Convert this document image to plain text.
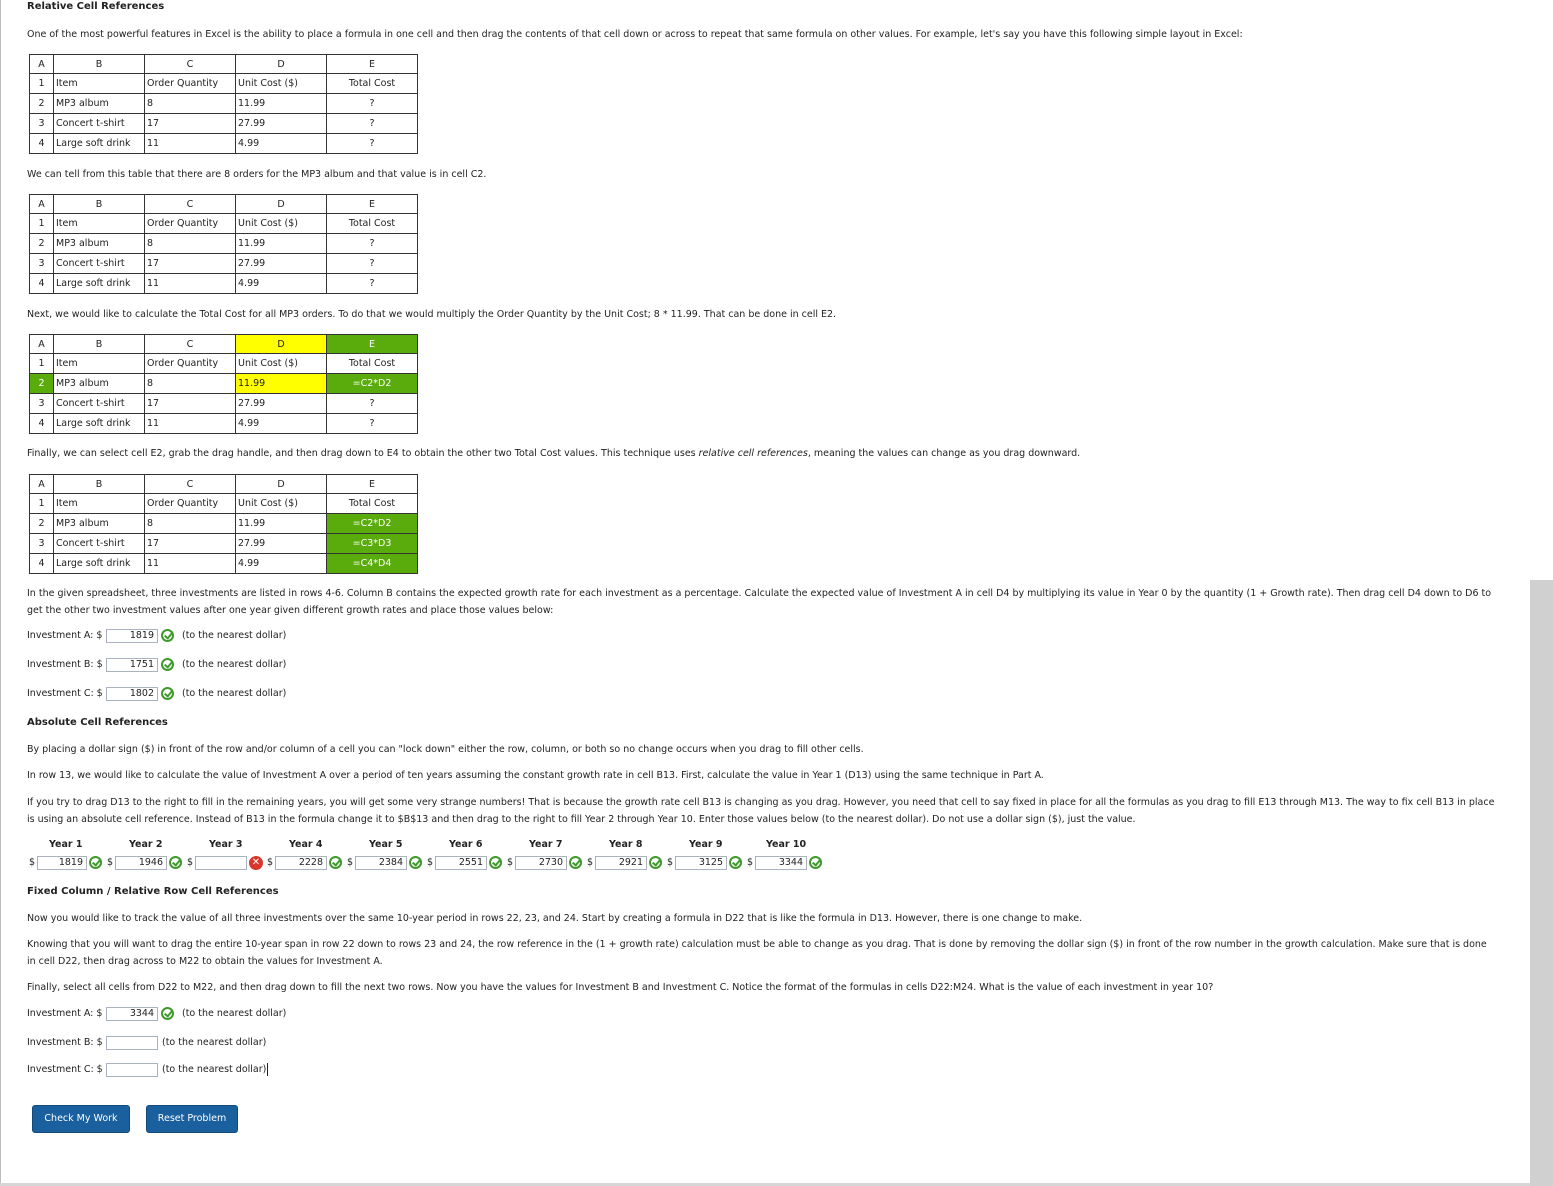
Relative Cell References
One of the most powerful features in Excel is the ability to place a formula in one cell and then drag the contents of that cell down or across to repeat that same formula on other values. For example, let's say you have this following simple layout in Excel:
A	B	C	D	E
1	Item	Order Quantity	Unit Cost ($)	Total Cost
2	MP3 album	8	11.99	?
3	Concert t-shirt	17	27.99	?
4	Large soft drink	11	4.99	?
We can tell from this table that there are 8 orders for the MP3 album and that value is in cell C2.
A	B	C	D	E
1	Item	Order Quantity	Unit Cost ($)	Total Cost
2	MP3 album	8	11.99	?
3	Concert t-shirt	17	27.99	?
4	Large soft drink	11	4.99	?
Next, we would like to calculate the Total Cost for all MP3 orders. To do that we would multiply the Order Quantity by the Unit Cost; 8 * 11.99. That can be done in cell E2.
A	B	C	D	E
1	Item	Order Quantity	Unit Cost ($)	Total Cost
2	MP3 album	8	11.99	=C2*D2
3	Concert t-shirt	17	27.99	?
4	Large soft drink	11	4.99	?
Finally, we can select cell E2, grab the drag handle, and then drag down to E4 to obtain the other two Total Cost values. This technique uses relative cell references, meaning the values can change as you drag downward.
A	B	C	D	E
1	Item	Order Quantity	Unit Cost ($)	Total Cost
2	MP3 album	8	11.99	=C2*D2
3	Concert t-shirt	17	27.99	=C3*D3
4	Large soft drink	11	4.99	=C4*D4
In the given spreadsheet, three investments are listed in rows 4-6. Column B contains the expected growth rate for each investment as a percentage. Calculate the expected value of Investment A in cell D4 by multiplying its value in Year 0 by the quantity (1 + Growth rate). Then drag cell D4 down to D6 to
get the other two investment values after one year given different growth rates and place those values below:
Investment A: $	1819	(to the nearest dollar)
Investment B: $	1751	(to the nearest dollar)
Investment C: $	1802	(to the nearest dollar)
Absolute Cell References
By placing a dollar sign ($) in front of the row and/or column of a cell you can "lock down" either the row, column, or both so no change occurs when you drag to fill other cells.
In row 13, we would like to calculate the value of Investment A over a period of ten years assuming the constant growth rate in cell B13. First, calculate the value in Year 1 (D13) using the same technique in Part A.
If you try to drag D13 to the right to fill in the remaining years, you will get some very strange numbers! That is because the growth rate cell B13 is changing as you drag. However, you need that cell to say fixed in place for all the formulas as you drag to fill E13 through M13. The way to fix cell B13 in place
is using an absolute cell reference. Instead of B13 in the formula change it to $B$13 and then drag to the right to fill Year 2 through Year 10. Enter those values below (to the nearest dollar). Do not use a dollar sign ($), just the value.
Year 1	Year 2	Year 3	Year 4	Year 5	Year 6	Year 7	Year 8	Year 9	Year 10
$	1819	$	1946	$	✕ $	2228	$	2384	$	2551	$	2730	$	2921	$	3125	$	3344
Fixed Column / Relative Row Cell References
Now you would like to track the value of all three investments over the same 10-year period in rows 22, 23, and 24. Start by creating a formula in D22 that is like the formula in D13. However, there is one change to make.
Knowing that you will want to drag the entire 10-year span in row 22 down to rows 23 and 24, the row reference in the (1 + growth rate) calculation must be able to change as you drag. That is done by removing the dollar sign ($) in front of the row number in the growth calculation. Make sure that is done
in cell D22, then drag across to M22 to obtain the values for Investment A.
Finally, select all cells from D22 to M22, and then drag down to fill the next two rows. Now you have the values for Investment B and Investment C. Notice the format of the formulas in cells D22:M24. What is the value of each investment in year 10?
Investment A: $	3344	(to the nearest dollar)
Investment B: $	(to the nearest dollar)
Investment C: $	(to the nearest dollar)
Check My Work	Reset Problem
